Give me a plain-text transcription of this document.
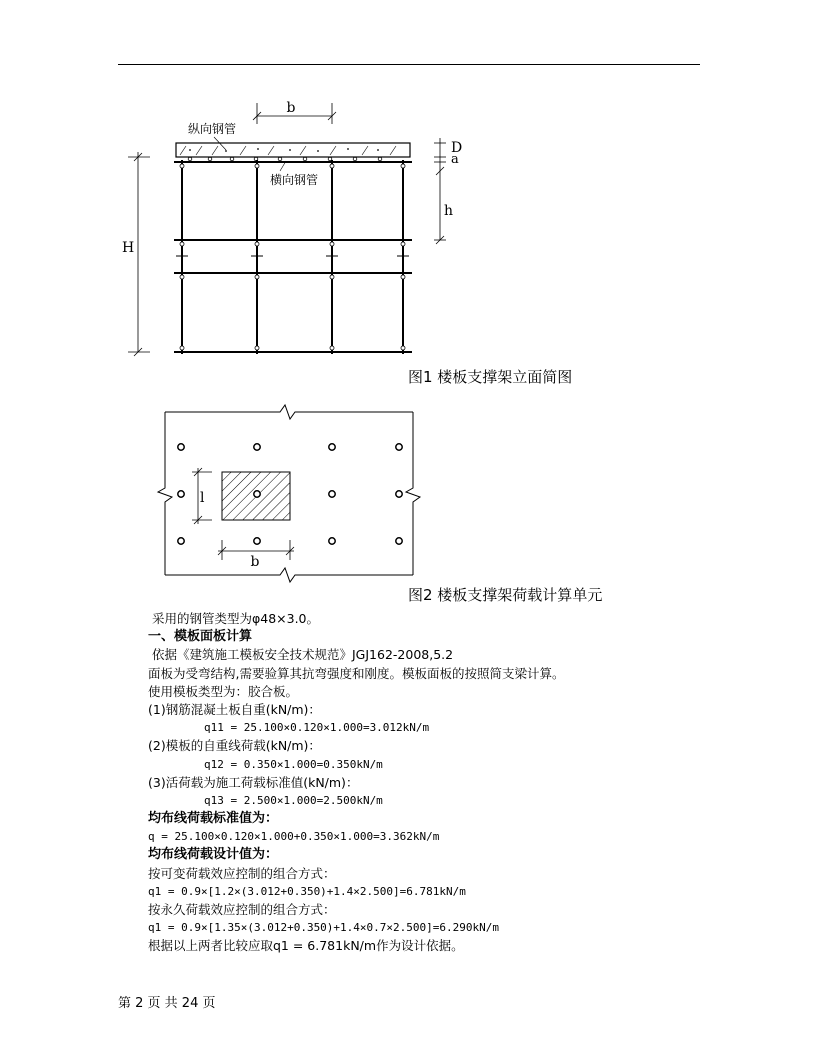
b
纵向钢管
横向钢管
D
a
h
H
l
b
图1 楼板支撑架立面简图
图2 楼板支撑架荷载计算单元
采用的钢管类型为φ48×3.0。
一、模板面板计算
依据《建筑施工模板安全技术规范》JGJ162-2008,5.2
面板为受弯结构,需要验算其抗弯强度和刚度。模板面板的按照简支梁计算。
使用模板类型为：胶合板。
(1)钢筋混凝土板自重(kN/m)：
q11 = 25.100×0.120×1.000=3.012kN/m
(2)模板的自重线荷载(kN/m)：
q12 = 0.350×1.000=0.350kN/m
(3)活荷载为施工荷载标准值(kN/m)：
q13 = 2.500×1.000=2.500kN/m
均布线荷载标准值为：
q = 25.100×0.120×1.000+0.350×1.000=3.362kN/m
均布线荷载设计值为：
按可变荷载效应控制的组合方式：
q1 = 0.9×[1.2×(3.012+0.350)+1.4×2.500]=6.781kN/m
按永久荷载效应控制的组合方式：
q1 = 0.9×[1.35×(3.012+0.350)+1.4×0.7×2.500]=6.290kN/m
根据以上两者比较应取q1 = 6.781kN/m作为设计依据。
第 2 页 共 24 页
